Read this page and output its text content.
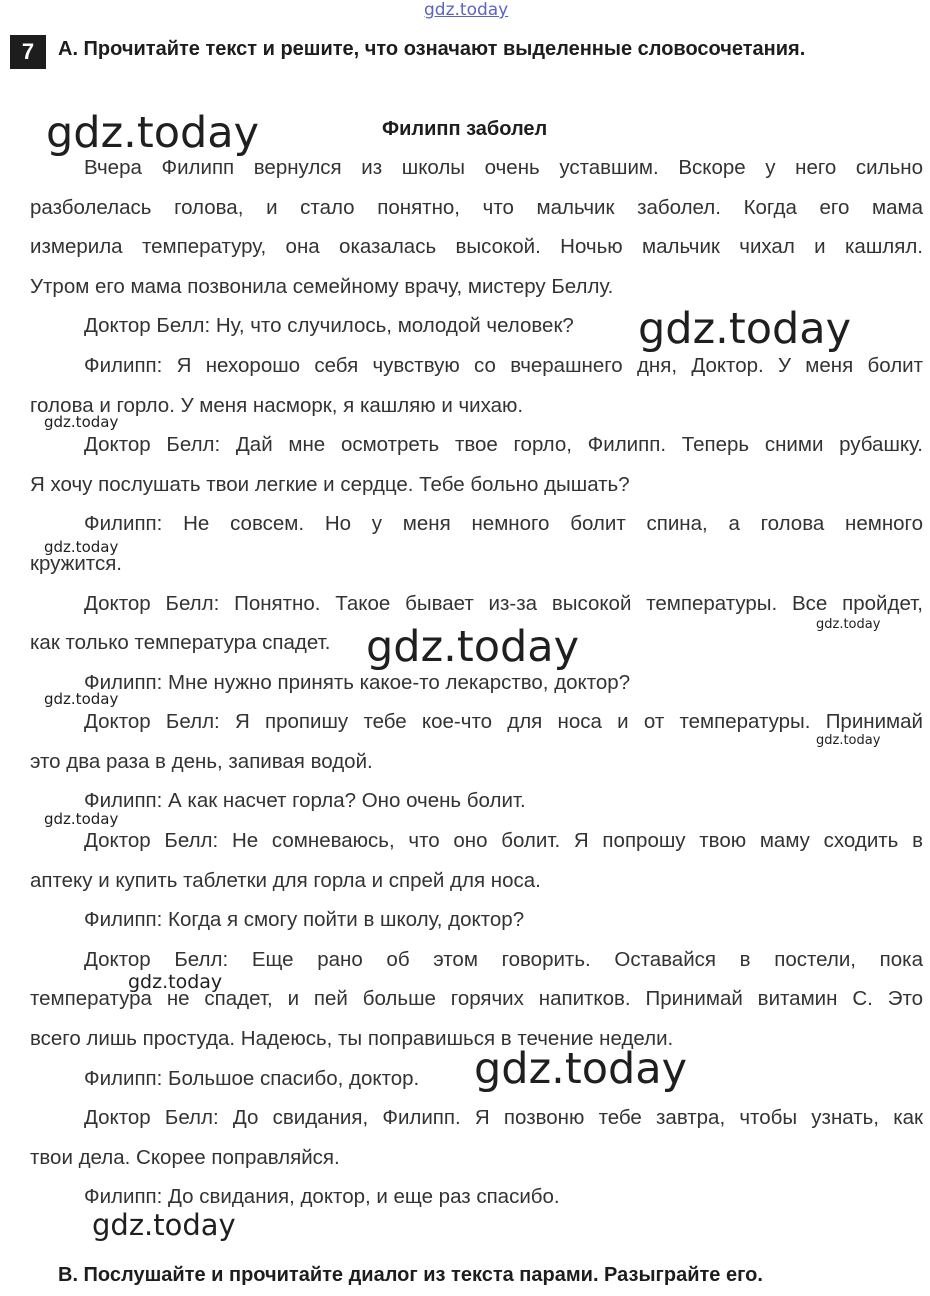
gdz.today
gdz.today
gdz.today
gdz.today
gdz.today
gdz.today
gdz.today
gdz.today
gdz.today
gdz.today
gdz.today
gdz.today
gdz.today
7	A. Прочитайте текст и решите, что означают выделенные словосочетания.
Филипп заболел
Вчера Филипп вернулся из школы очень уставшим. Вскоре у него сильно
разболелась голова, и стало понятно, что мальчик заболел. Когда его мама
измерила температуру, она оказалась высокой. Ночью мальчик чихал и кашлял.
Утром его мама позвонила семейному врачу, мистеру Беллу.
Доктор Белл: Ну, что случилось, молодой человек?
Филипп: Я нехорошо себя чувствую со вчерашнего дня, Доктор. У меня болит
голова и горло. У меня насморк, я кашляю и чихаю.
Доктор Белл: Дай мне осмотреть твое горло, Филипп. Теперь сними рубашку.
Я хочу послушать твои легкие и сердце. Тебе больно дышать?
Филипп: Не совсем. Но у меня немного болит спина, а голова немного
кружится.
Доктор Белл: Понятно. Такое бывает из-за высокой температуры. Все пройдет,
как только температура спадет.
Филипп: Мне нужно принять какое-то лекарство, доктор?
Доктор Белл: Я пропишу тебе кое-что для носа и от температуры. Принимай
это два раза в день, запивая водой.
Филипп: А как насчет горла? Оно очень болит.
Доктор Белл: Не сомневаюсь, что оно болит. Я попрошу твою маму сходить в
аптеку и купить таблетки для горла и спрей для носа.
Филипп: Когда я смогу пойти в школу, доктор?
Доктор Белл: Еще рано об этом говорить. Оставайся в постели, пока
температура не спадет, и пей больше горячих напитков. Принимай витамин С. Это
всего лишь простуда. Надеюсь, ты поправишься в течение недели.
Филипп: Большое спасибо, доктор.
Доктор Белл: До свидания, Филипп. Я позвоню тебе завтра, чтобы узнать, как
твои дела. Скорее поправляйся.
Филипп: До свидания, доктор, и еще раз спасибо.
B. Послушайте и прочитайте диалог из текста парами. Разыграйте его.
